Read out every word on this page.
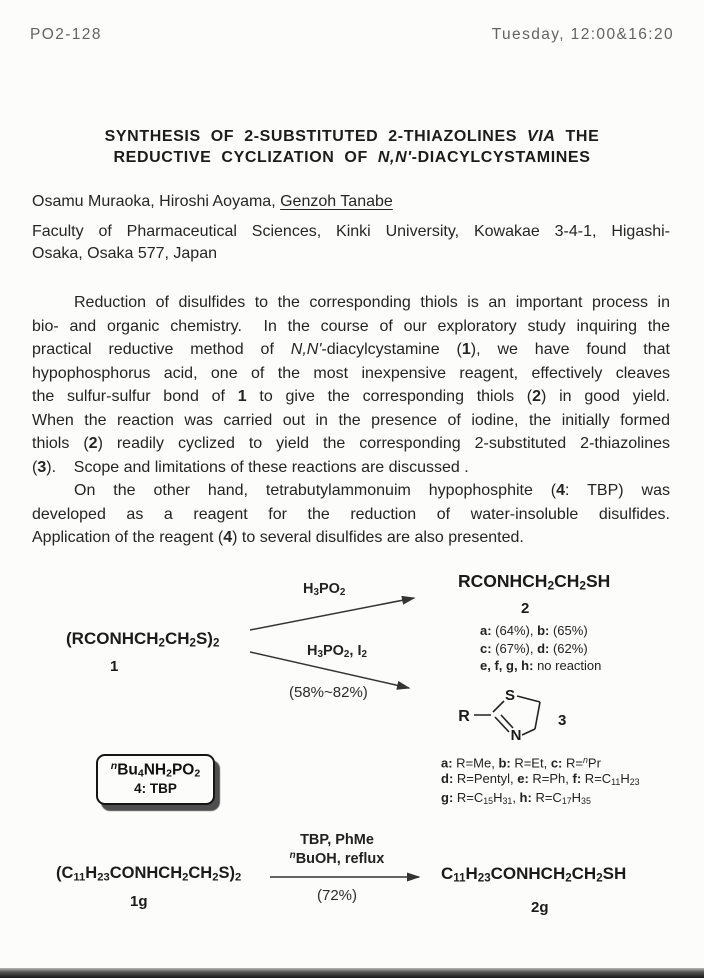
PO2-128	Tuesday, 12:00&16:20
SYNTHESIS OF 2-SUBSTITUTED 2-THIAZOLINES VIA THE
REDUCTIVE CYCLIZATION OF N,N'-DIACYLCYSTAMINES
Osamu Muraoka, Hiroshi Aoyama, Genzoh Tanabe
Faculty of Pharmaceutical Sciences, Kinki University, Kowakae 3-4-1, Higashi-
Osaka, Osaka 577, Japan
Reduction of disulfides to the corresponding thiols is an important process in
bio- and organic chemistry.  In the course of our exploratory study inquiring the
practical reductive method of N,N'-diacylcystamine (1), we have found that
hypophosphorus acid, one of the most inexpensive reagent, effectively cleaves
the sulfur-sulfur bond of 1 to give the corresponding thiols (2) in good yield.
When the reaction was carried out in the presence of iodine, the initially formed
thiols (2) readily cyclized to yield the corresponding 2-substituted 2-thiazolines
(3).    Scope and limitations of these reactions are discussed .
On the other hand, tetrabutylammonuim hypophosphite (4: TBP) was
developed as a reagent for the reduction of water-insoluble disulfides.
Application of the reagent (4) to several disulfides are also presented.
(RCONHCH2CH2S)2
1
H3PO2
H3PO2, I2
(58%~82%)
RCONHCH2CH2SH
2
a: (64%), b: (65%)
c: (67%), d: (62%)
e, f, g, h: no reaction
R
S
N
3
a: R=Me, b: R=Et, c: R=$^n$Pr
d: R=Pentyl, e: R=Ph, f: R=C11H23
g: R=C15H31, h: R=C17H35
$^n$Bu4NH2PO2
4: TBP
(C11H23CONHCH2CH2S)2
1g
TBP, PhMe
$^n$BuOH, reflux
(72%)
C11H23CONHCH2CH2SH
2g
